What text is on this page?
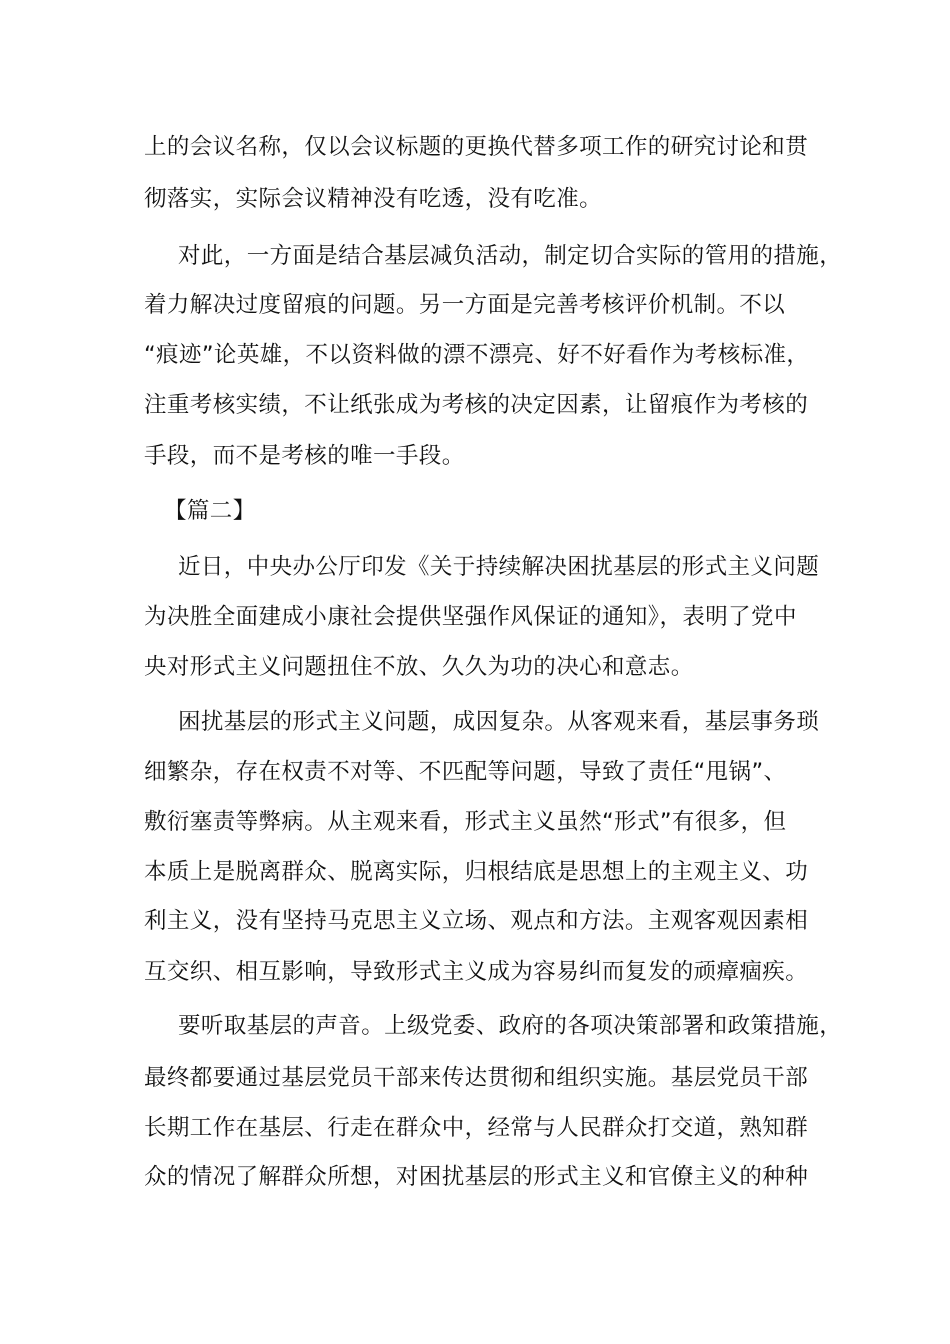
上的会议名称，仅以会议标题的更换代替多项工作的研究讨论和贯
彻落实，实际会议精神没有吃透，没有吃准。
对此，一方面是结合基层减负活动，制定切合实际的管用的措施，
着力解决过度留痕的问题。另一方面是完善考核评价机制。不以
“痕迹”论英雄，不以资料做的漂不漂亮、好不好看作为考核标准，
注重考核实绩，不让纸张成为考核的决定因素，让留痕作为考核的
手段，而不是考核的唯一手段。
【篇二】
近日，中央办公厅印发《关于持续解决困扰基层的形式主义问题
为决胜全面建成小康社会提供坚强作风保证的通知》，表明了党中
央对形式主义问题扭住不放、久久为功的决心和意志。
困扰基层的形式主义问题，成因复杂。从客观来看，基层事务琐
细繁杂，存在权责不对等、不匹配等问题，导致了责任“甩锅”、
敷衍塞责等弊病。从主观来看，形式主义虽然“形式”有很多，但
本质上是脱离群众、脱离实际，归根结底是思想上的主观主义、功
利主义，没有坚持马克思主义立场、观点和方法。主观客观因素相
互交织、相互影响，导致形式主义成为容易纠而复发的顽瘴痼疾。
要听取基层的声音。上级党委、政府的各项决策部署和政策措施，
最终都要通过基层党员干部来传达贯彻和组织实施。基层党员干部
长期工作在基层、行走在群众中，经常与人民群众打交道，熟知群
众的情况了解群众所想，对困扰基层的形式主义和官僚主义的种种
